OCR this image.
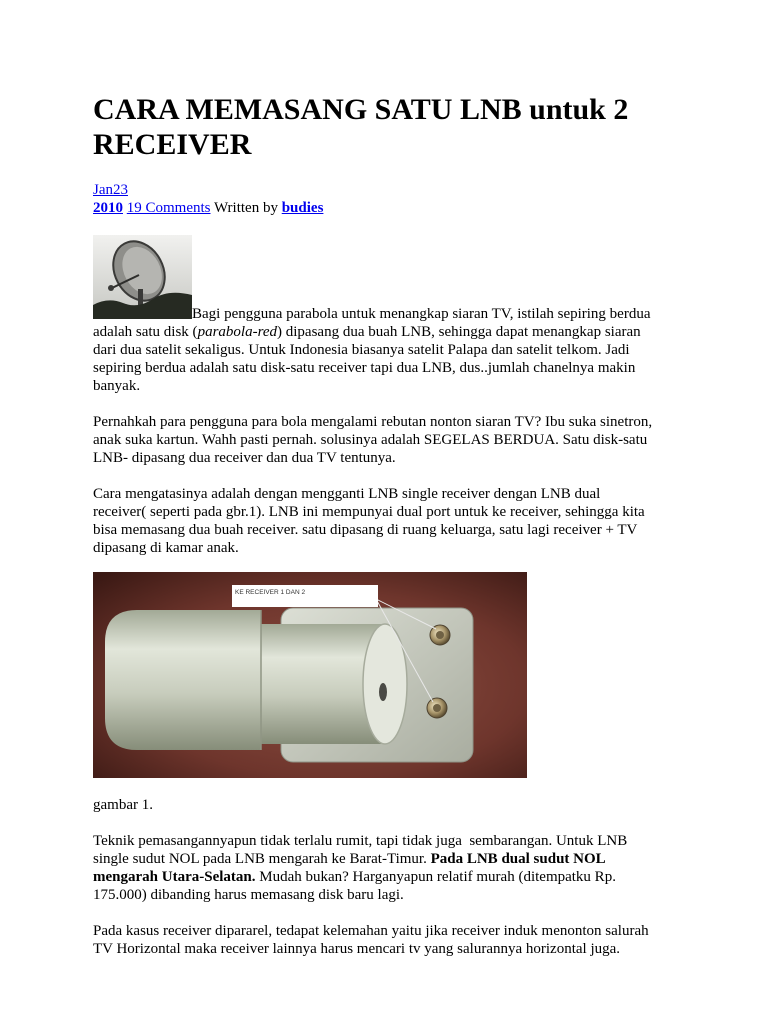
CARA MEMASANG SATU LNB untuk 2
RECEIVER
Jan23
2010 19 Comments Written by budies
Bagi pengguna parabola untuk menangkap siaran TV, istilah sepiring berdua
adalah satu disk (parabola-red) dipasang dua buah LNB, sehingga dapat menangkap siaran
dari dua satelit sekaligus. Untuk Indonesia biasanya satelit Palapa dan satelit telkom. Jadi
sepiring berdua adalah satu disk-satu receiver tapi dua LNB, dus..jumlah chanelnya makin
banyak.
Pernahkah para pengguna para bola mengalami rebutan nonton siaran TV? Ibu suka sinetron,
anak suka kartun. Wahh pasti pernah. solusinya adalah SEGELAS BERDUA. Satu disk-satu
LNB- dipasang dua receiver dan dua TV tentunya.
Cara mengatasinya adalah dengan mengganti LNB single receiver dengan LNB dual
receiver( seperti pada gbr.1). LNB ini mempunyai dual port untuk ke receiver, sehingga kita
bisa memasang dua buah receiver. satu dipasang di ruang keluarga, satu lagi receiver + TV
dipasang di kamar anak.
KE RECEIVER 1 DAN 2
gambar 1.
Teknik pemasangannyapun tidak terlalu rumit, tapi tidak juga  sembarangan. Untuk LNB
single sudut NOL pada LNB mengarah ke Barat-Timur. Pada LNB dual sudut NOL
mengarah Utara-Selatan. Mudah bukan? Harganyapun relatif murah (ditempatku Rp.
175.000) dibanding harus memasang disk baru lagi.
Pada kasus receiver dipararel, tedapat kelemahan yaitu jika receiver induk menonton salurah
TV Horizontal maka receiver lainnya harus mencari tv yang salurannya horizontal juga.
